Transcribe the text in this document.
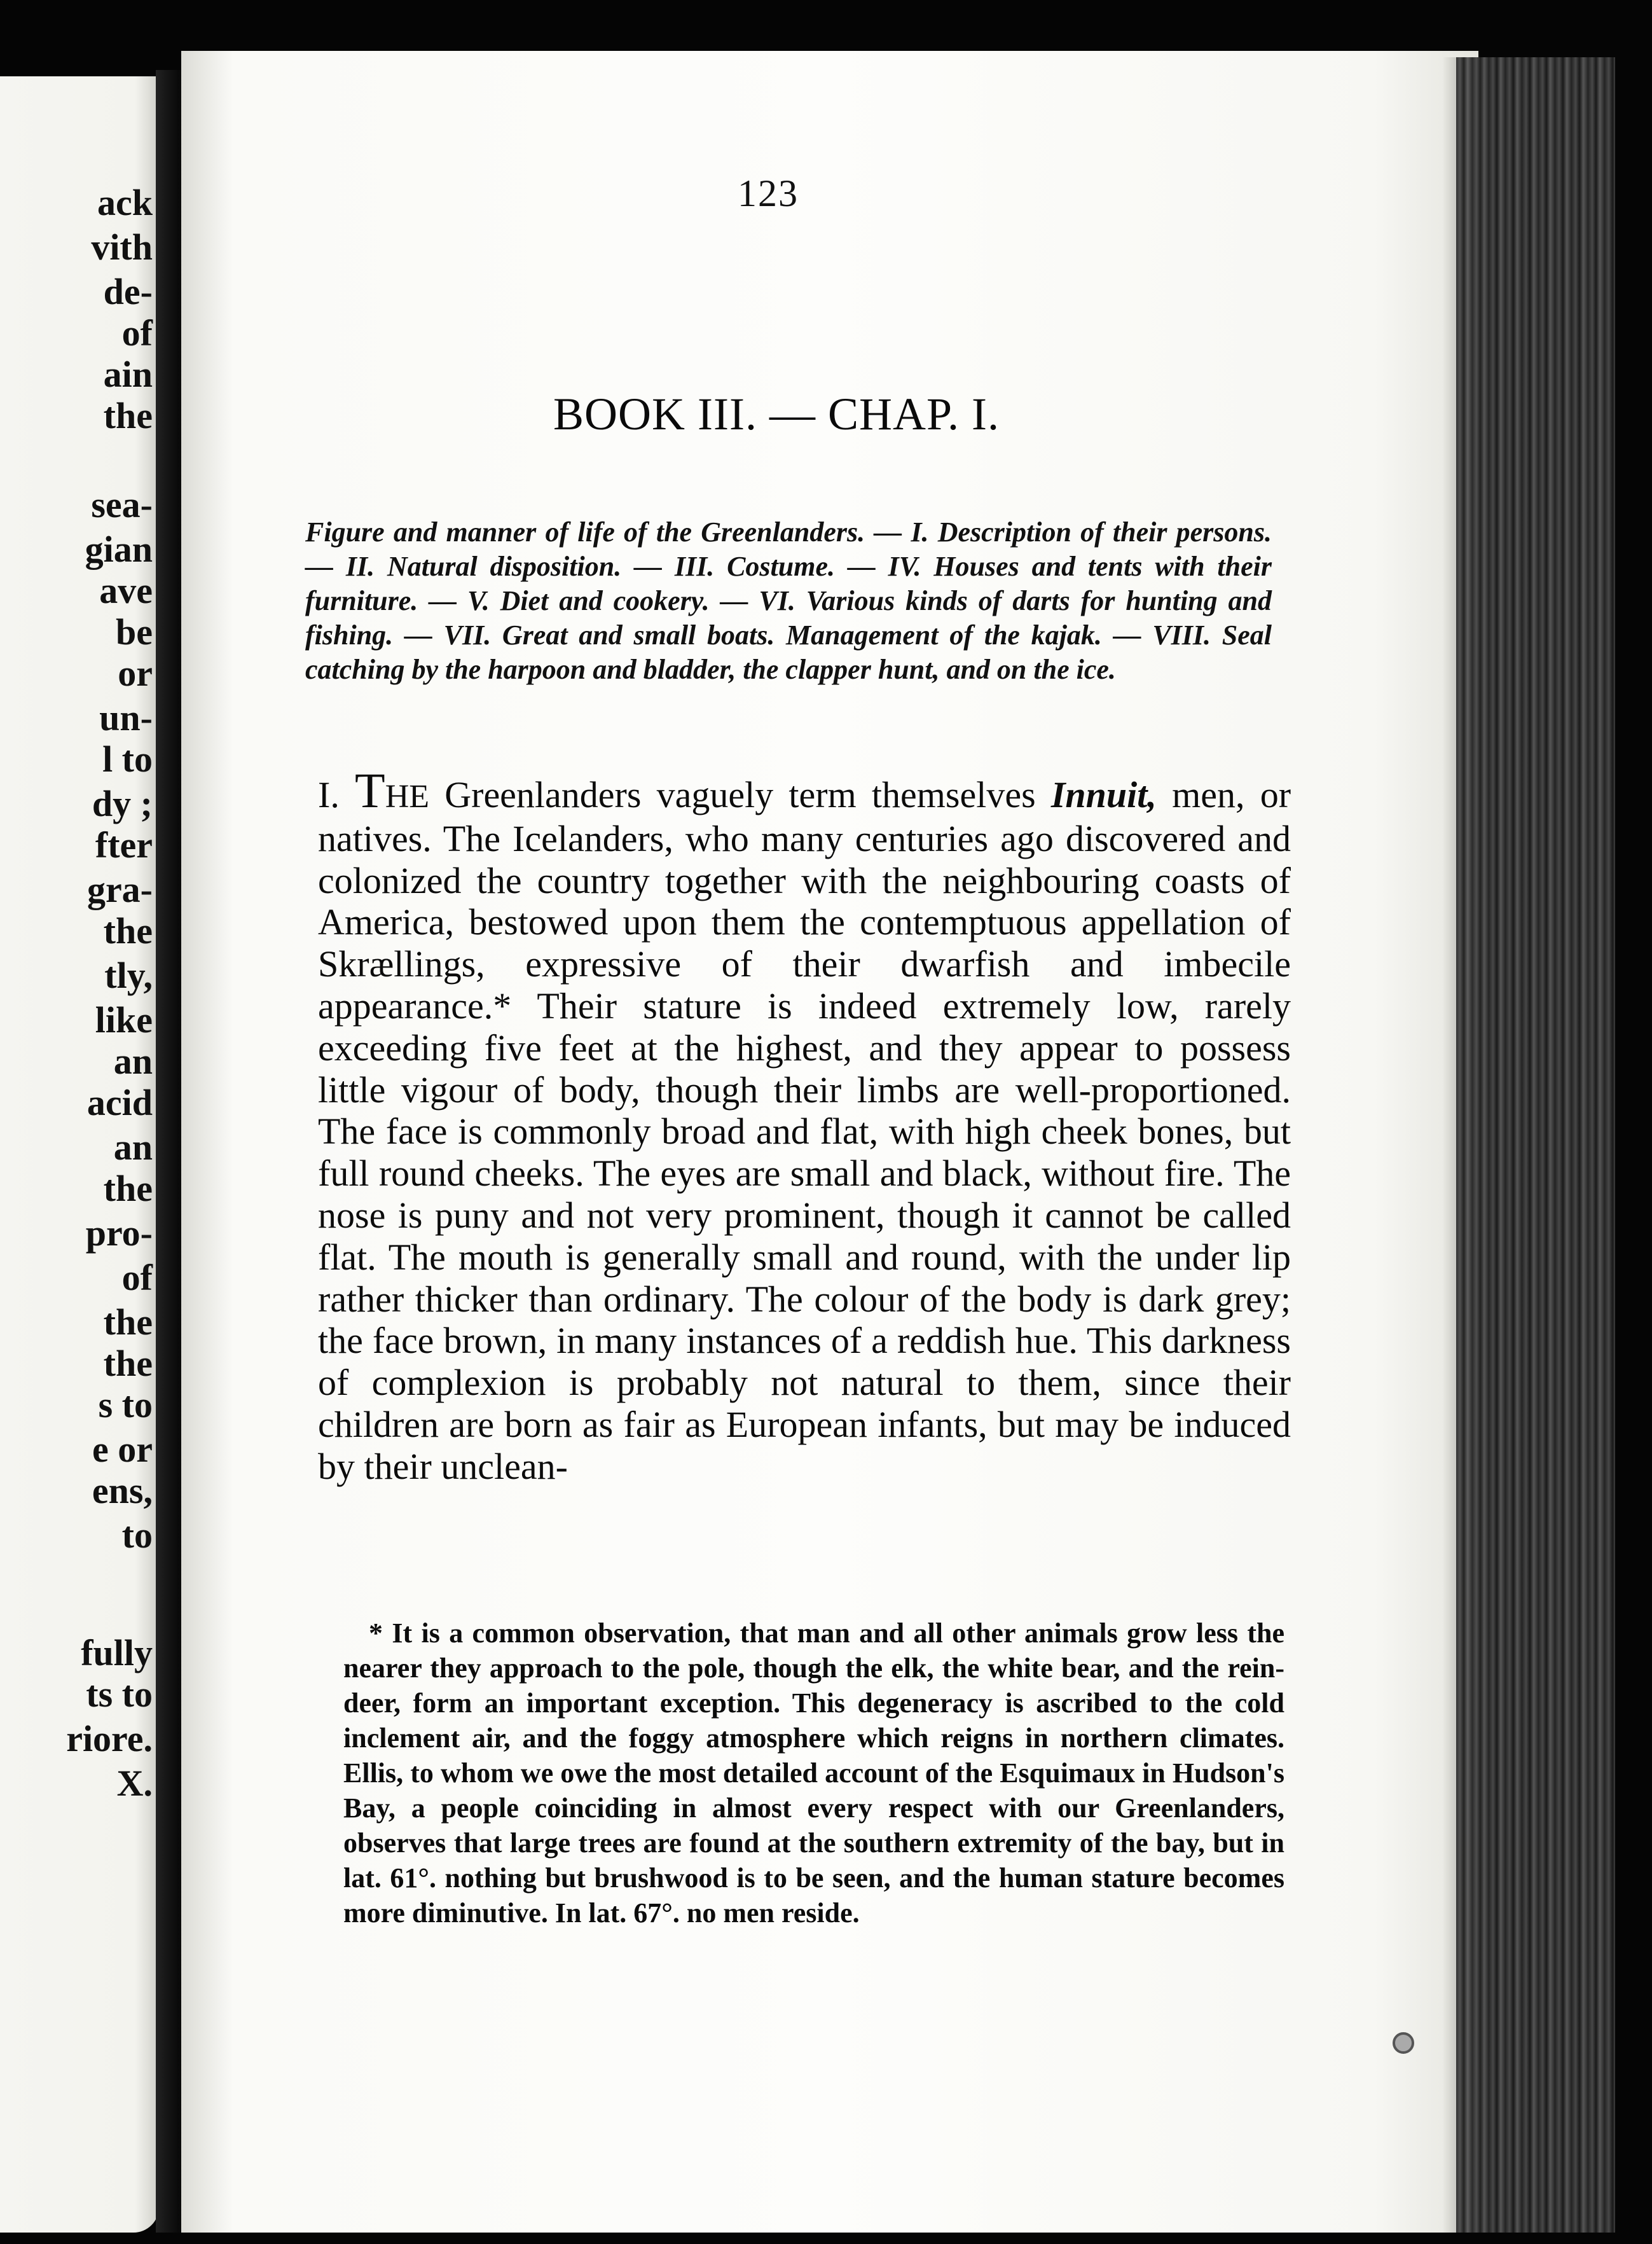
ack
vith
de-
of
ain
the
sea-
gian
ave
be
or
un-
l to
dy ;
fter
gra-
the
tly,
like
an
acid
an
the
pro-
of
the
the
s to
e or
ens,
to
fully
ts to
riore.
X.
123
BOOK III. — CHAP. I.
Figure and manner of life of the Greenlanders. — I. Description of their persons. — II. Natural disposition. — III. Costume. — IV. Houses and tents with their furniture. — V. Diet and cookery. — VI. Various kinds of darts for hunting and fishing. — VII. Great and small boats. Management of the kajak. — VIII. Seal catching by the harpoon and bladder, the clapper hunt, and on the ice.
I. THE Greenlanders vaguely term themselves Innuit, men, or natives. The Icelanders, who many centuries ago discovered and colonized the country together with the neighbouring coasts of America, bestowed upon them the contemptuous appellation of Skrællings, expressive of their dwarfish and imbecile appearance.* Their stature is indeed extremely low, rarely exceeding five feet at the highest, and they appear to possess little vigour of body, though their limbs are well-proportioned. The face is commonly broad and flat, with high cheek bones, but full round cheeks. The eyes are small and black, without fire. The nose is puny and not very prominent, though it cannot be called flat. The mouth is generally small and round, with the under lip rather thicker than ordinary. The colour of the body is dark grey; the face brown, in many instances of a reddish hue. This darkness of complexion is probably not natural to them, since their children are born as fair as European infants, but may be induced by their unclean-
* It is a common observation, that man and all other animals grow less the nearer they approach to the pole, though the elk, the white bear, and the rein-deer, form an important exception. This degeneracy is ascribed to the cold inclement air, and the foggy atmosphere which reigns in northern climates. Ellis, to whom we owe the most detailed account of the Esquimaux in Hudson's Bay, a people coinciding in almost every respect with our Greenlanders, observes that large trees are found at the southern extremity of the bay, but in lat. 61°. nothing but brushwood is to be seen, and the human stature becomes more diminutive. In lat. 67°. no men reside.
